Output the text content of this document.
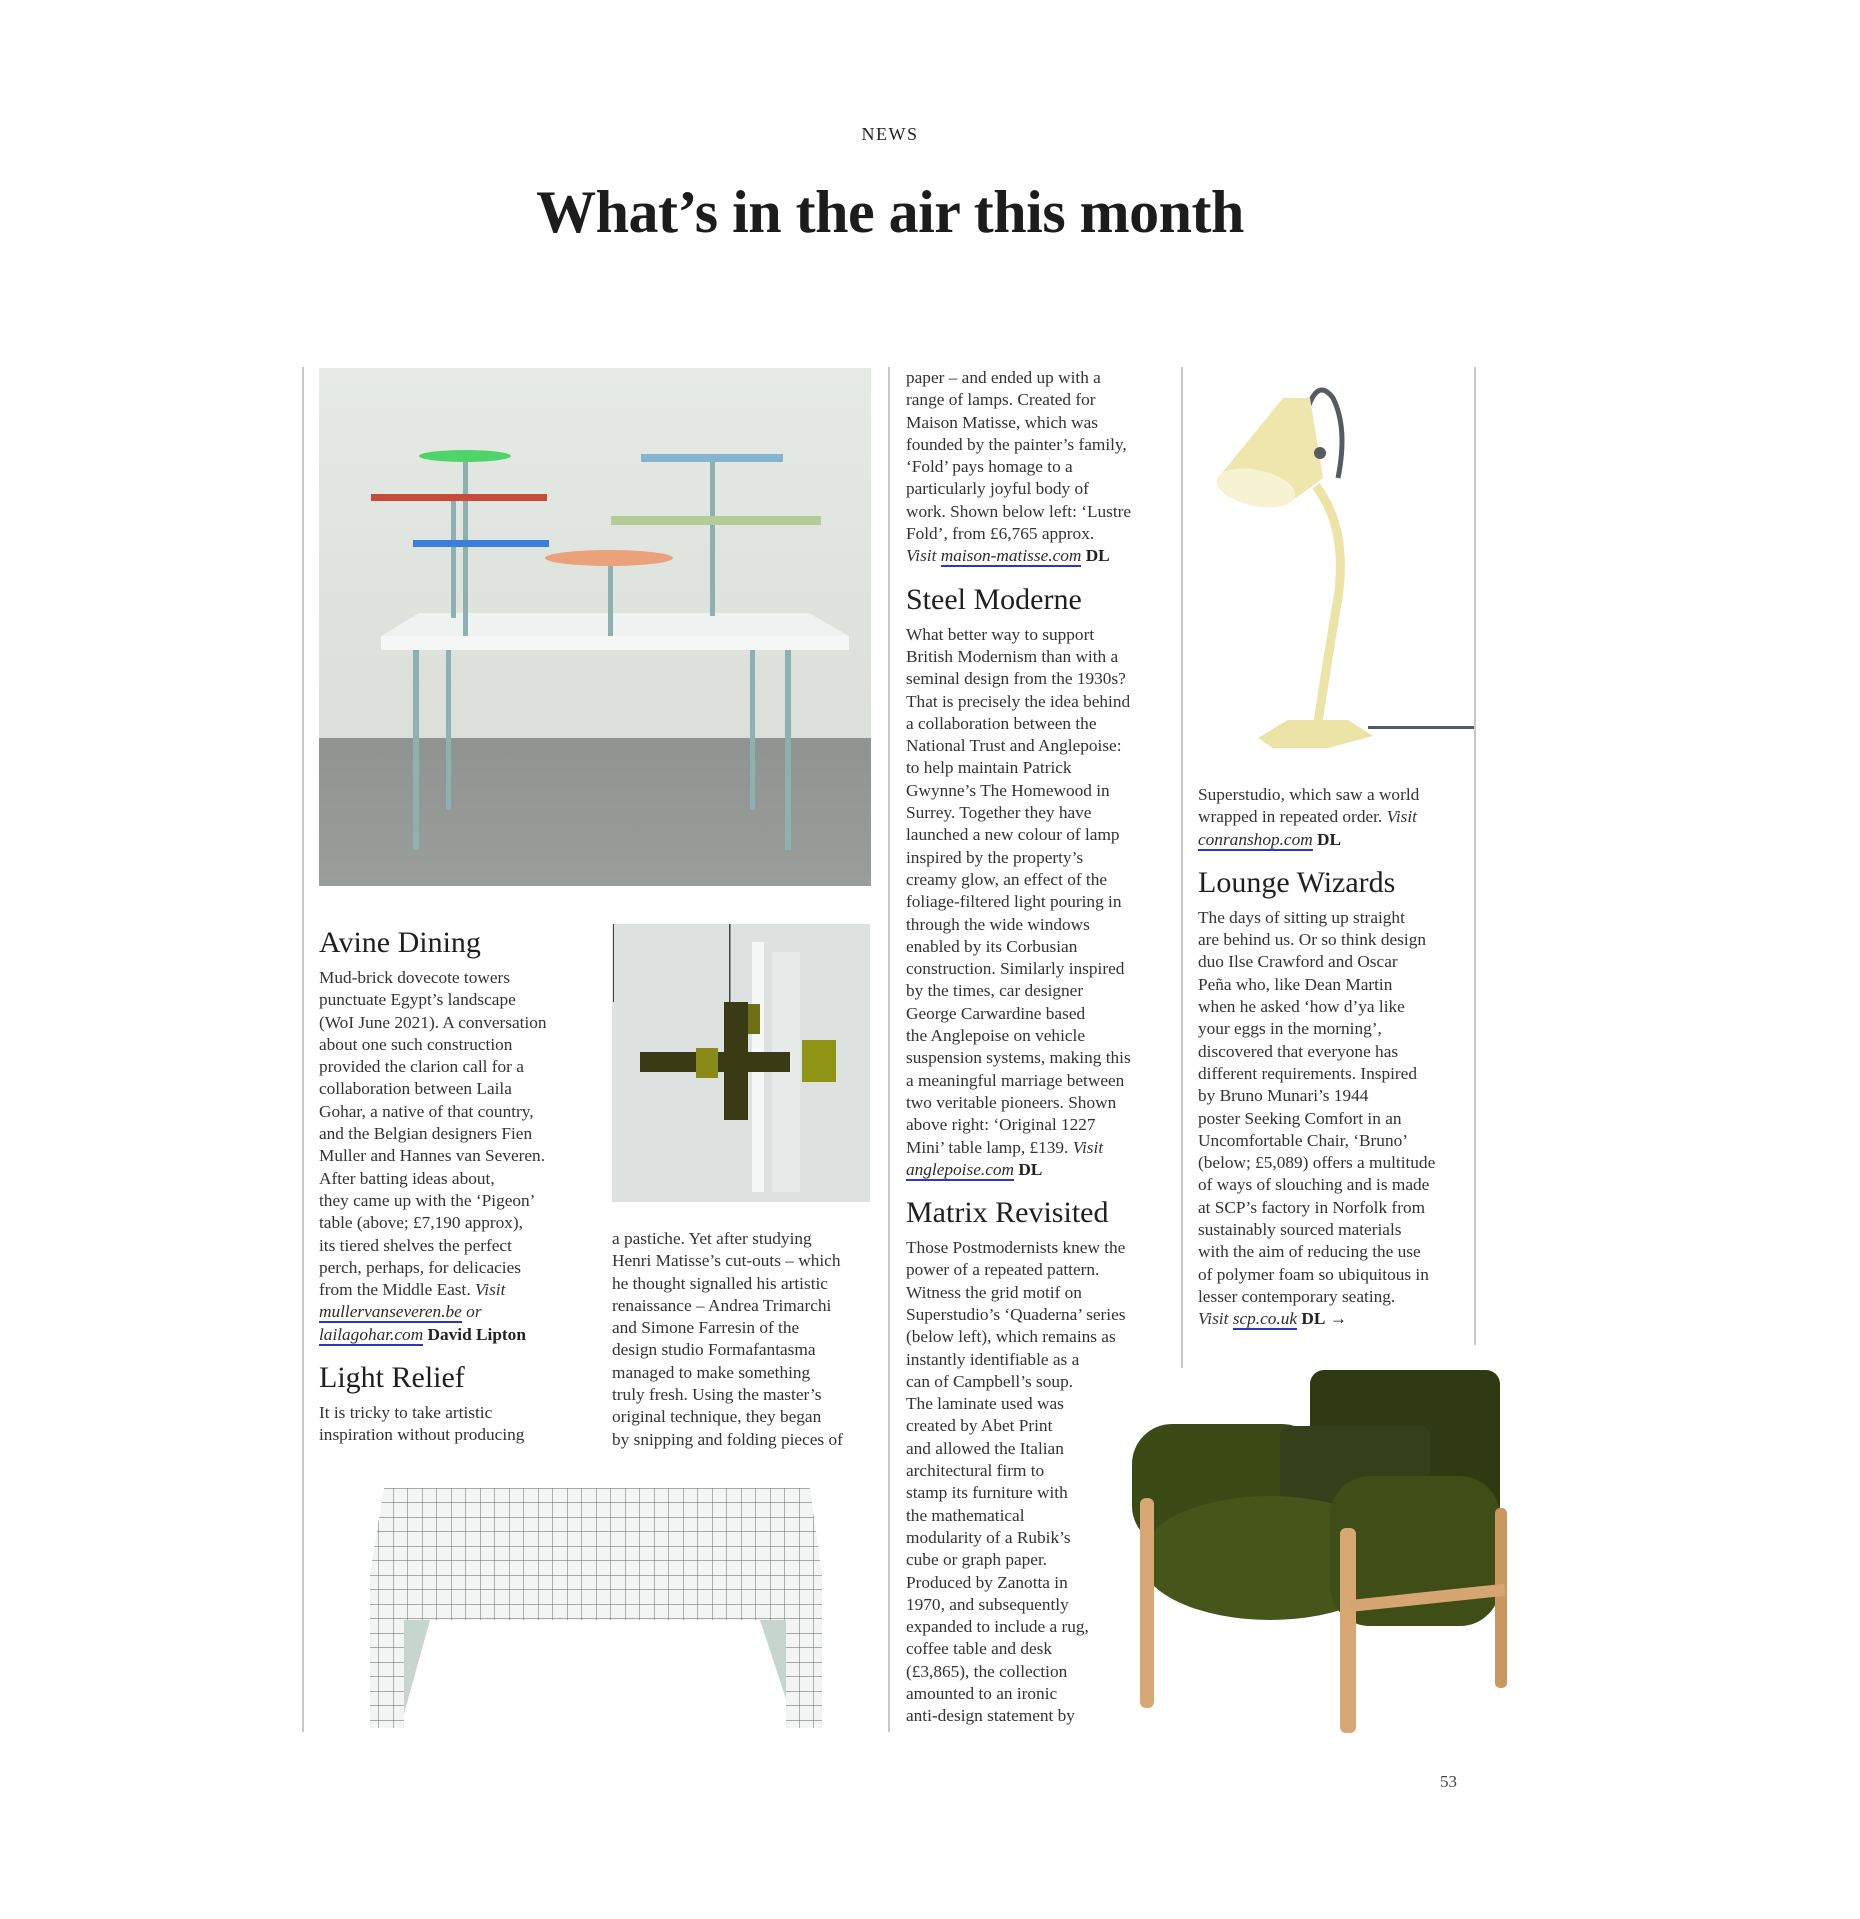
NEWS
What’s in the air this month
Avine Dining

Mud-brick dovecote towers

punctuate Egypt’s landscape

(WoI June 2021). A conversation

about one such construction

provided the clarion call for a

collaboration between Laila

Gohar, a native of that country,

and the Belgian designers Fien

Muller and Hannes van Severen.

After batting ideas about,

they came up with the ‘Pigeon’

table (above; £7,190 approx),

its tiered shelves the perfect

perch, perhaps, for delicacies

from the Middle East. Visit

mullervanseveren.be or

lailagohar.com David Lipton

Light Relief

It is tricky to take artistic

inspiration without producing

a pastiche. Yet after studying

Henri Matisse’s cut-outs – which

he thought signalled his artistic

renaissance – Andrea Trimarchi

and Simone Farresin of the

design studio Formafantasma

managed to make something

truly fresh. Using the master’s

original technique, they began

by snipping and folding pieces of

paper – and ended up with a

range of lamps. Created for

Maison Matisse, which was

founded by the painter’s family,

‘Fold’ pays homage to a

particularly joyful body of

work. Shown below left: ‘Lustre

Fold’, from £6,765 approx.

Visit maison-matisse.com DL

Steel Moderne

What better way to support

British Modernism than with a

seminal design from the 1930s?

That is precisely the idea behind

a collaboration between the

National Trust and Anglepoise:

to help maintain Patrick

Gwynne’s The Homewood in

Surrey. Together they have

launched a new colour of lamp

inspired by the property’s

creamy glow, an effect of the

foliage-filtered light pouring in

through the wide windows

enabled by its Corbusian

construction. Similarly inspired

by the times, car designer

George Carwardine based

the Anglepoise on vehicle

suspension systems, making this

a meaningful marriage between

two veritable pioneers. Shown

above right: ‘Original 1227

Mini’ table lamp, £139. Visit

anglepoise.com DL

Matrix Revisited

Those Postmodernists knew the

power of a repeated pattern.

Witness the grid motif on

Superstudio’s ‘Quaderna’ series

(below left), which remains as

instantly identifiable as a

can of Campbell’s soup.

The laminate used was

created by Abet Print

and allowed the Italian

architectural firm to

stamp its furniture with

the mathematical

modularity of a Rubik’s

cube or graph paper.

Produced by Zanotta in

1970, and subsequently

expanded to include a rug,

coffee table and desk

(£3,865), the collection

amounted to an ironic

anti-design statement by

Superstudio, which saw a world

wrapped in repeated order. Visit

conranshop.com DL

Lounge Wizards

The days of sitting up straight

are behind us. Or so think design

duo Ilse Crawford and Oscar

Peña who, like Dean Martin

when he asked ‘how d’ya like

your eggs in the morning’,

discovered that everyone has

different requirements. Inspired

by Bruno Munari’s 1944

poster Seeking Comfort in an

Uncomfortable Chair, ‘Bruno’

(below; £5,089) offers a multitude

of ways of slouching and is made

at SCP’s factory in Norfolk from

sustainably sourced materials

with the aim of reducing the use

of polymer foam so ubiquitous in

lesser contemporary seating.

Visit scp.co.uk DL →

53
